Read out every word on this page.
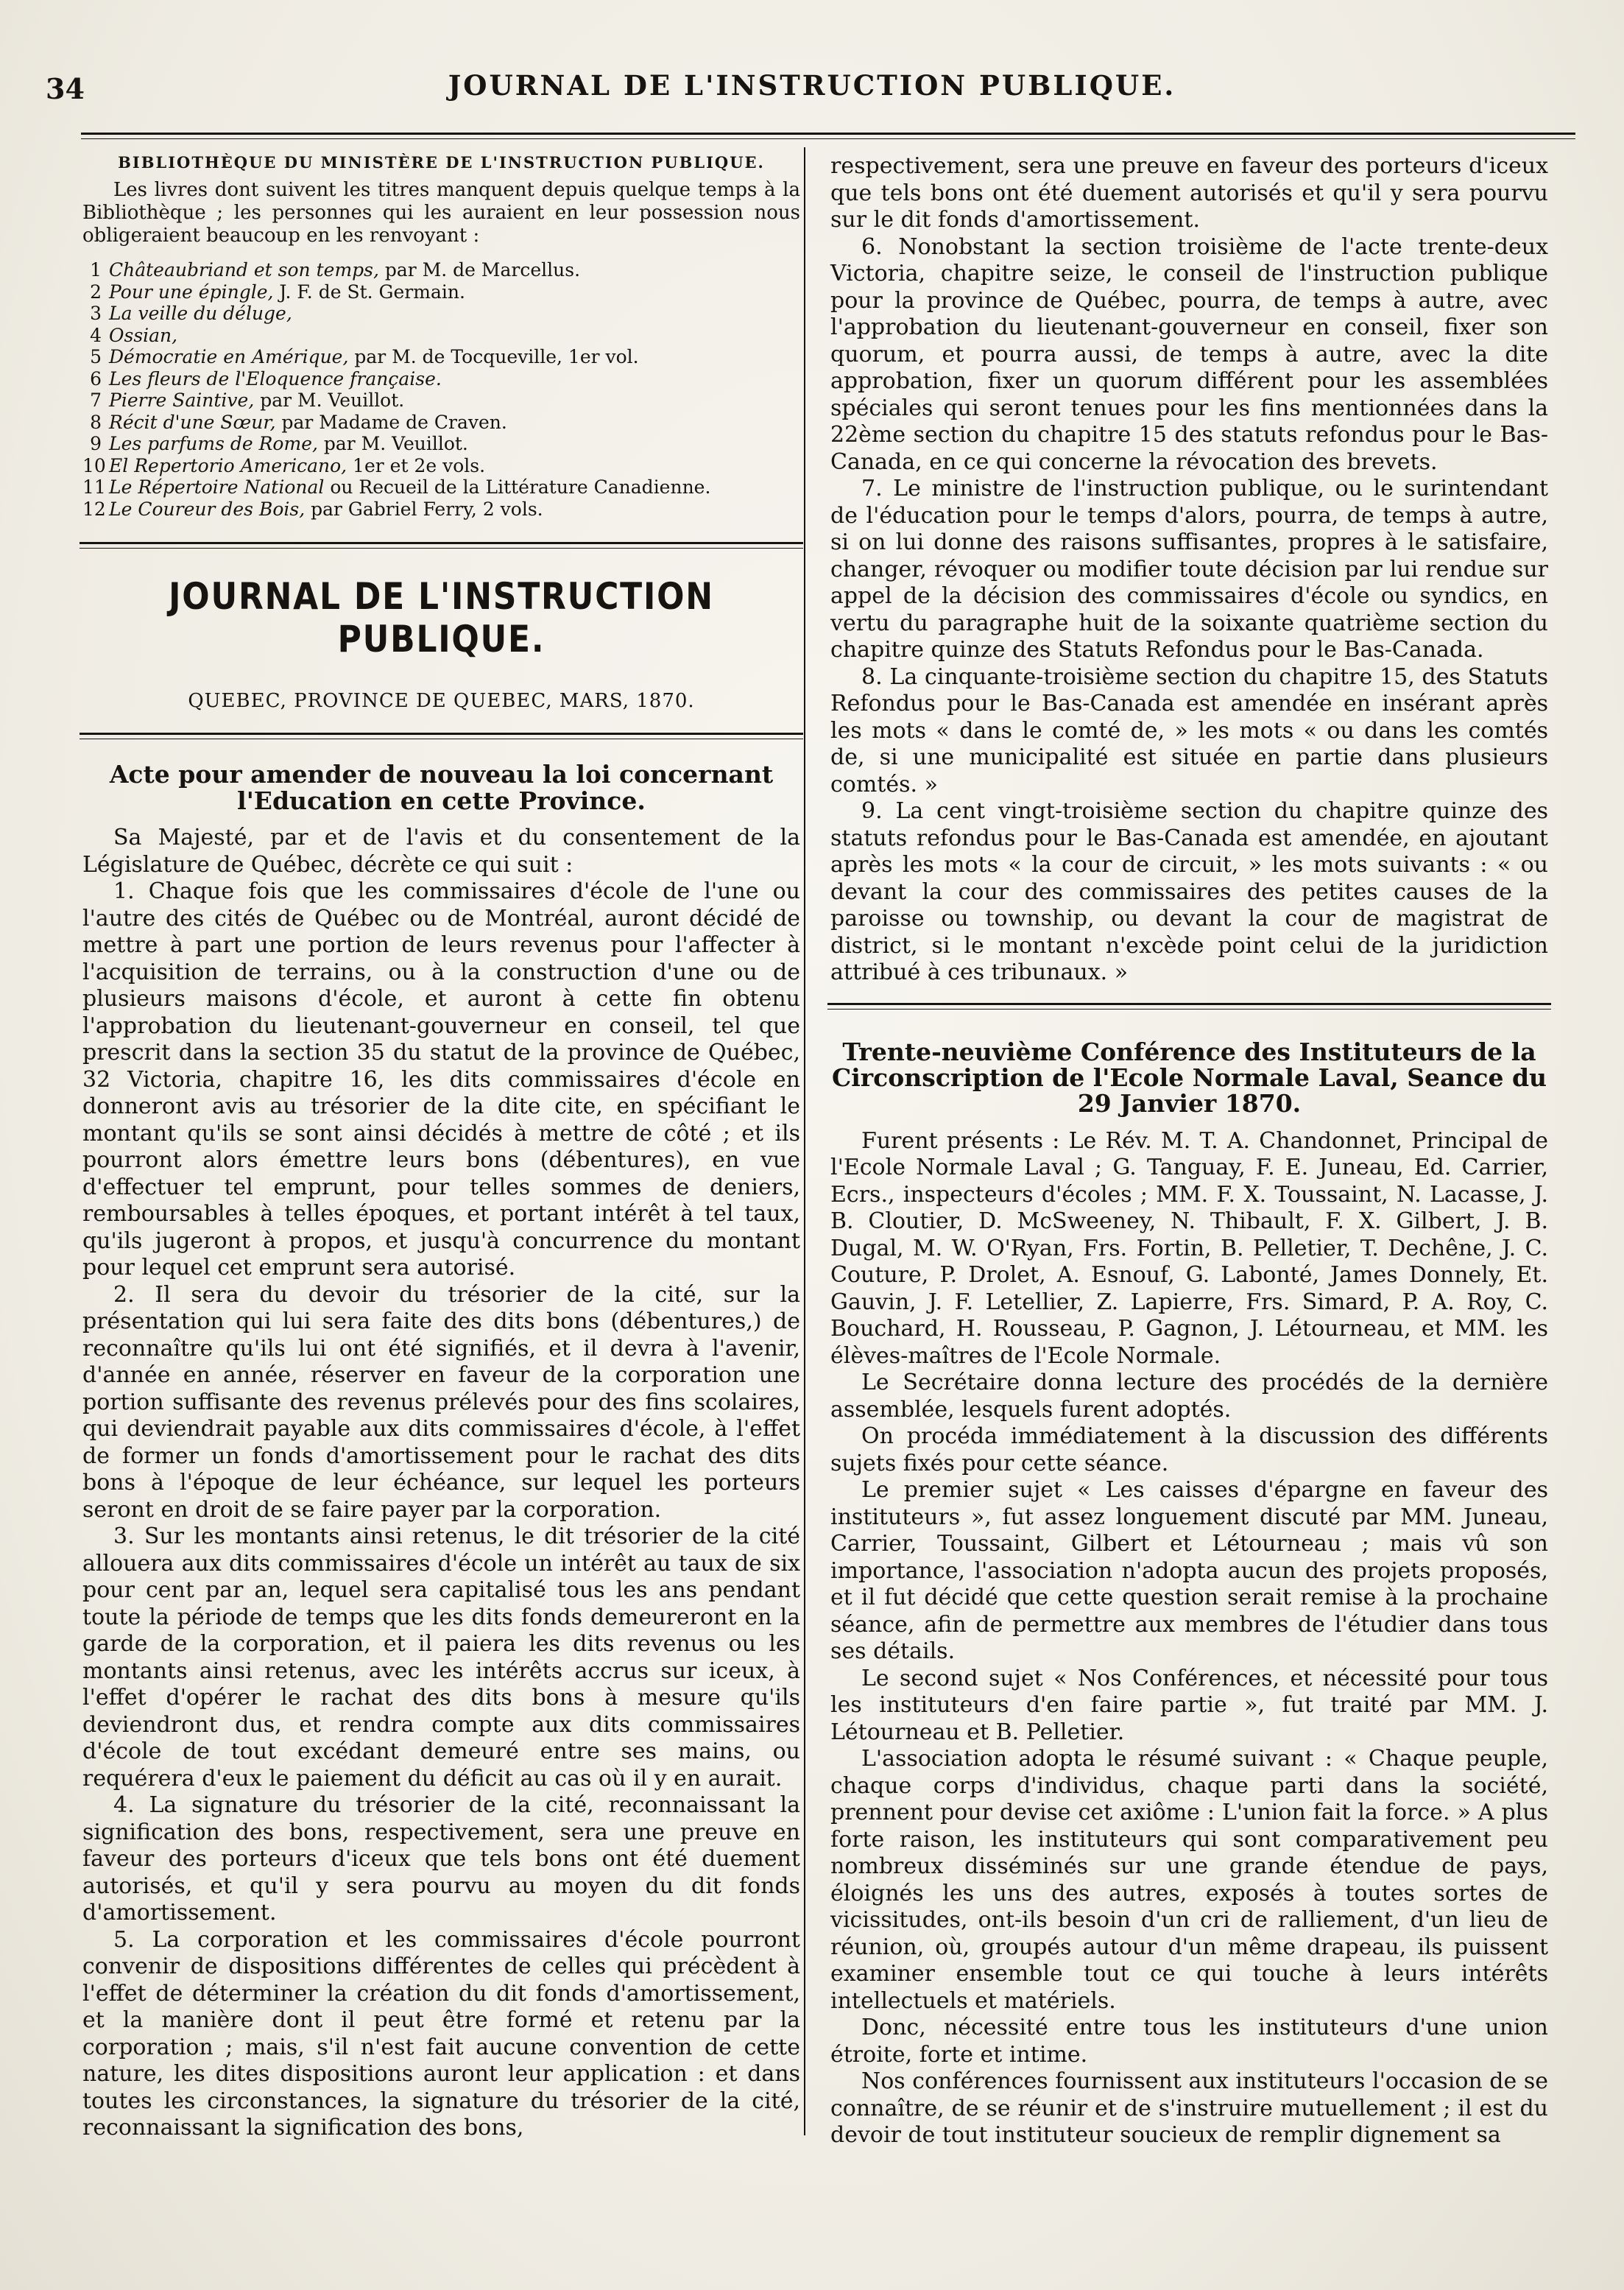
34	JOURNAL DE L'INSTRUCTION PUBLIQUE.
BIBLIOTHÈQUE DU MINISTÈRE DE L'INSTRUCTION PUBLIQUE.

Les livres dont suivent les titres manquent depuis quelque temps à la Bibliothèque ; les personnes qui les auraient en leur possession nous obligeraient beaucoup en les renvoyant :

1 Châteaubriand et son temps, par M. de Marcellus.
2 Pour une épingle, J. F. de St. Germain.
3 La veille du déluge,
4 Ossian,
5 Démocratie en Amérique, par M. de Tocqueville, 1er vol.
6 Les fleurs de l'Eloquence française.
7 Pierre Saintive, par M. Veuillot.
8 Récit d'une Sœur, par Madame de Craven.
9 Les parfums de Rome, par M. Veuillot.
10 El Repertorio Americano, 1er et 2e vols.
11 Le Répertoire National ou Recueil de la Littérature Canadienne.
12 Le Coureur des Bois, par Gabriel Ferry, 2 vols.
JOURNAL DE L'INSTRUCTION PUBLIQUE.
QUEBEC, PROVINCE DE QUEBEC, MARS, 1870.
Acte pour amender de nouveau la loi concernant l'Education en cette Province.

Sa Majesté, par et de l'avis et du consentement de la Législature de Québec, décrète ce qui suit :

1. Chaque fois que les commissaires d'école de l'une ou l'autre des cités de Québec ou de Montréal, auront décidé de mettre à part une portion de leurs revenus pour l'affecter à l'acquisition de terrains, ou à la construction d'une ou de plusieurs maisons d'école, et auront à cette fin obtenu l'approbation du lieutenant-gouverneur en conseil, tel que prescrit dans la section 35 du statut de la province de Québec, 32 Victoria, chapitre 16, les dits commissaires d'école en donneront avis au trésorier de la dite cite, en spécifiant le montant qu'ils se sont ainsi décidés à mettre de côté ; et ils pourront alors émettre leurs bons (débentures), en vue d'effectuer tel emprunt, pour telles sommes de deniers, remboursables à telles époques, et portant intérêt à tel taux, qu'ils jugeront à propos, et jusqu'à concurrence du montant pour lequel cet emprunt sera autorisé.

2. Il sera du devoir du trésorier de la cité, sur la présentation qui lui sera faite des dits bons (débentures,) de reconnaître qu'ils lui ont été signifiés, et il devra à l'avenir, d'année en année, réserver en faveur de la corporation une portion suffisante des revenus prélevés pour des fins scolaires, qui deviendrait payable aux dits commissaires d'école, à l'effet de former un fonds d'amortissement pour le rachat des dits bons à l'époque de leur échéance, sur lequel les porteurs seront en droit de se faire payer par la corporation.

3. Sur les montants ainsi retenus, le dit trésorier de la cité allouera aux dits commissaires d'école un intérêt au taux de six pour cent par an, lequel sera capitalisé tous les ans pendant toute la période de temps que les dits fonds demeureront en la garde de la corporation, et il paiera les dits revenus ou les montants ainsi retenus, avec les intérêts accrus sur iceux, à l'effet d'opérer le rachat des dits bons à mesure qu'ils deviendront dus, et rendra compte aux dits commissaires d'école de tout excédant demeuré entre ses mains, ou requérera d'eux le paiement du déficit au cas où il y en aurait.

4. La signature du trésorier de la cité, reconnaissant la signification des bons, respectivement, sera une preuve en faveur des porteurs d'iceux que tels bons ont été duement autorisés, et qu'il y sera pourvu au moyen du dit fonds d'amortissement.

5. La corporation et les commissaires d'école pourront convenir de dispositions différentes de celles qui précèdent à l'effet de déterminer la création du dit fonds d'amortissement, et la manière dont il peut être formé et retenu par la corporation ; mais, s'il n'est fait aucune convention de cette nature, les dites dispositions auront leur application : et dans toutes les circonstances, la signature du trésorier de la cité, reconnaissant la signification des bons,

respectivement, sera une preuve en faveur des porteurs d'iceux que tels bons ont été duement autorisés et qu'il y sera pourvu sur le dit fonds d'amortissement.

6. Nonobstant la section troisième de l'acte trente-deux Victoria, chapitre seize, le conseil de l'instruction publique pour la province de Québec, pourra, de temps à autre, avec l'approbation du lieutenant-gouverneur en conseil, fixer son quorum, et pourra aussi, de temps à autre, avec la dite approbation, fixer un quorum différent pour les assemblées spéciales qui seront tenues pour les fins mentionnées dans la 22ème section du chapitre 15 des statuts refondus pour le Bas-Canada, en ce qui concerne la révocation des brevets.

7. Le ministre de l'instruction publique, ou le surintendant de l'éducation pour le temps d'alors, pourra, de temps à autre, si on lui donne des raisons suffisantes, propres à le satisfaire, changer, révoquer ou modifier toute décision par lui rendue sur appel de la décision des commissaires d'école ou syndics, en vertu du paragraphe huit de la soixante quatrième section du chapitre quinze des Statuts Refondus pour le Bas-Canada.

8. La cinquante-troisième section du chapitre 15, des Statuts Refondus pour le Bas-Canada est amendée en insérant après les mots « dans le comté de, » les mots « ou dans les comtés de, si une municipalité est située en partie dans plusieurs comtés. »

9. La cent vingt-troisième section du chapitre quinze des statuts refondus pour le Bas-Canada est amendée, en ajoutant après les mots « la cour de circuit, » les mots suivants : « ou devant la cour des commissaires des petites causes de la paroisse ou township, ou devant la cour de magistrat de district, si le montant n'excède point celui de la juridiction attribué à ces tribunaux. »

Trente-neuvième Conférence des Instituteurs de la Circonscription de l'Ecole Normale Laval, Seance du 29 Janvier 1870.

Furent présents : Le Rév. M. T. A. Chandonnet, Principal de l'Ecole Normale Laval ; G. Tanguay, F. E. Juneau, Ed. Carrier, Ecrs., inspecteurs d'écoles ; MM. F. X. Toussaint, N. Lacasse, J. B. Cloutier, D. McSweeney, N. Thibault, F. X. Gilbert, J. B. Dugal, M. W. O'Ryan, Frs. Fortin, B. Pelletier, T. Dechêne, J. C. Couture, P. Drolet, A. Esnouf, G. Labonté, James Donnely, Et. Gauvin, J. F. Letellier, Z. Lapierre, Frs. Simard, P. A. Roy, C. Bouchard, H. Rousseau, P. Gagnon, J. Létourneau, et MM. les élèves-maîtres de l'Ecole Normale.

Le Secrétaire donna lecture des procédés de la dernière assemblée, lesquels furent adoptés.

On procéda immédiatement à la discussion des différents sujets fixés pour cette séance.

Le premier sujet « Les caisses d'épargne en faveur des instituteurs », fut assez longuement discuté par MM. Juneau, Carrier, Toussaint, Gilbert et Létourneau ; mais vû son importance, l'association n'adopta aucun des projets proposés, et il fut décidé que cette question serait remise à la prochaine séance, afin de permettre aux membres de l'étudier dans tous ses détails.

Le second sujet « Nos Conférences, et nécessité pour tous les instituteurs d'en faire partie », fut traité par MM. J. Létourneau et B. Pelletier.

L'association adopta le résumé suivant : « Chaque peuple, chaque corps d'individus, chaque parti dans la société, prennent pour devise cet axiôme : L'union fait la force. » A plus forte raison, les instituteurs qui sont comparativement peu nombreux disséminés sur une grande étendue de pays, éloignés les uns des autres, exposés à toutes sortes de vicissitudes, ont-ils besoin d'un cri de ralliement, d'un lieu de réunion, où, groupés autour d'un même drapeau, ils puissent examiner ensemble tout ce qui touche à leurs intérêts intellectuels et matériels.

Donc, nécessité entre tous les instituteurs d'une union étroite, forte et intime.

Nos conférences fournissent aux instituteurs l'occasion de se connaître, de se réunir et de s'instruire mutuellement ; il est du devoir de tout instituteur soucieux de remplir dignement sa
